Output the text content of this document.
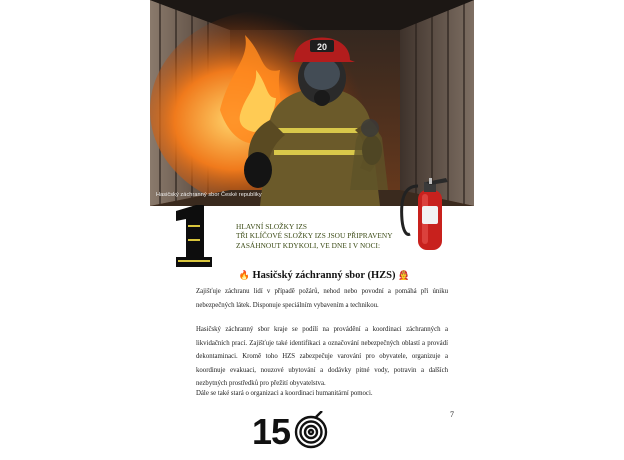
20
Hasičský záchranný sbor České republiky
1
HLAVNÍ SLOŽKY IZS
TŘI KLÍČOVÉ SLOŽKY IZS JSOU PŘIPRAVENY
ZASÁHNOUT KDYKOLI, VE DNE I V NOCI:
🔥 Hasičský záchranný sbor (HZS) 👨‍🚒
Zajišťuje záchranu lidí v případě požárů, nehod nebo povodní a pomáhá při úniku nebezpečných látek. Disponuje speciálním vybavením a technikou.
Hasičský záchranný sbor kraje se podílí na provádění a koordinaci záchranných a likvidačních prací. Zajišťuje také identifikaci a označování nebezpečných oblastí a provádí dekontaminaci. Kromě toho HZS zabezpečuje varování pro obyvatele, organizuje a koordinuje evakuaci, nouzové ubytování a dodávky pitné vody, potravin a dalších nezbytných prostředků pro přežití obyvatelstva.
Dále se také stará o organizaci a koordinaci humanitární pomoci.
7
15
